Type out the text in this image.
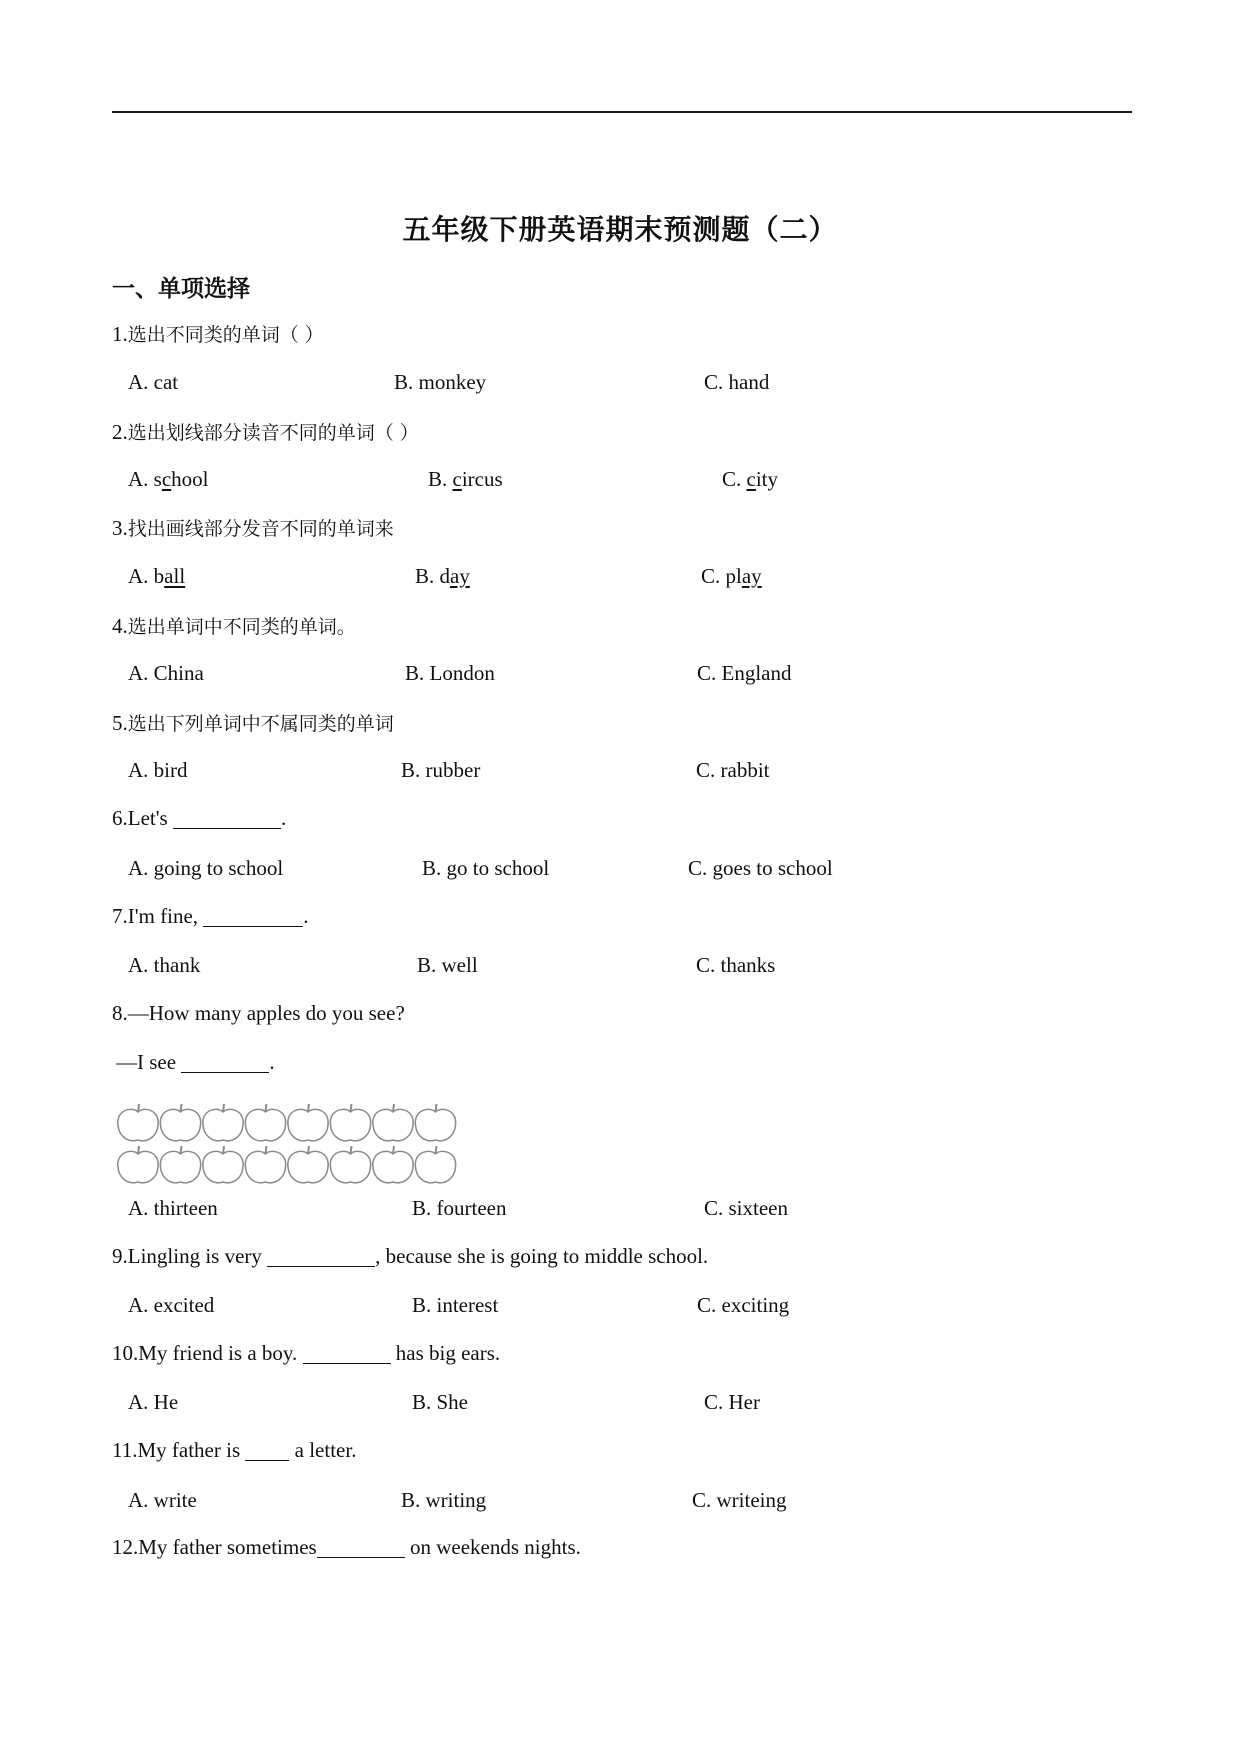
五年级下册英语期末预测题（二）
一、单项选择
1.选出不同类的单词（ ）
A. cat	B. monkey	C. hand
2.选出划线部分读音不同的单词（ ）
A. school	B. circus	C. city
3.找出画线部分发音不同的单词来
A. ball	B. day	C. play
4.选出单词中不同类的单词。
A. China	B. London	C. England
5.选出下列单词中不属同类的单词
A. bird	B. rubber	C. rabbit
6.Let's	.
A. going to school	B. go to school	C. goes to school
7.I'm fine,	.
A. thank	B. well	C. thanks
8.—How many apples do you see?
—I see	.
A. thirteen	B. fourteen	C. sixteen
9.Lingling is very	, because she is going to middle school.
A. excited	B. interest	C. exciting
10.My friend is a boy.	has big ears.
A. He	B. She	C. Her
11.My father is  a letter.
A. write	B. writing	C. writeing
12.My father sometimes	on weekends nights.
